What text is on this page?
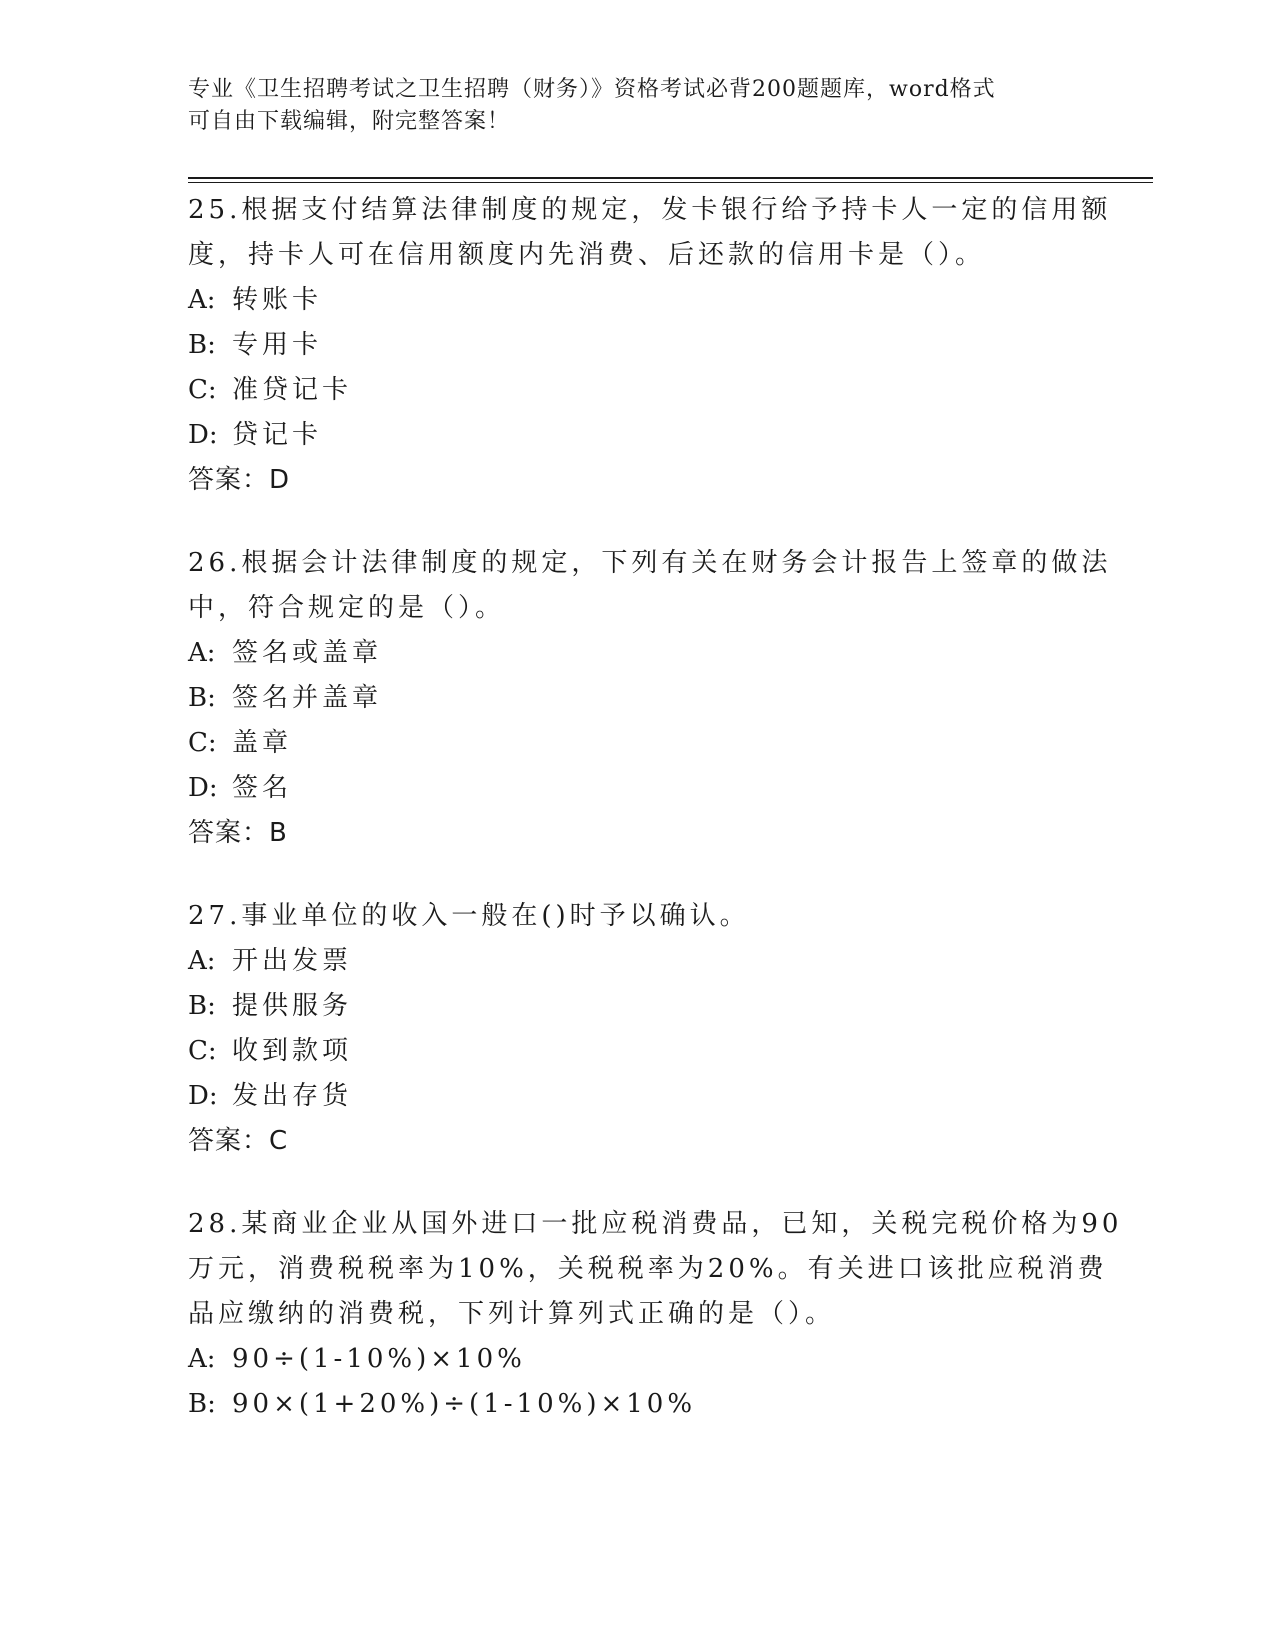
专业《卫生招聘考试之卫生招聘（财务）》资格考试必背200题题库，word格式
可自由下载编辑，附完整答案！
25.根据支付结算法律制度的规定，发卡银行给予持卡人一定的信用额
度，持卡人可在信用额度内先消费、后还款的信用卡是（）。
A: 转账卡
B: 专用卡
C: 准贷记卡
D: 贷记卡
答案：D
26.根据会计法律制度的规定，下列有关在财务会计报告上签章的做法
中，符合规定的是（）。
A: 签名或盖章
B: 签名并盖章
C: 盖章
D: 签名
答案：B
27.事业单位的收入一般在()时予以确认。
A: 开出发票
B: 提供服务
C: 收到款项
D: 发出存货
答案：C
28.某商业企业从国外进口一批应税消费品，已知，关税完税价格为90
万元，消费税税率为10%，关税税率为20%。有关进口该批应税消费
品应缴纳的消费税，下列计算列式正确的是（）。
A: 90÷(1-10%)×10%
B: 90×(1+20%)÷(1-10%)×10%
